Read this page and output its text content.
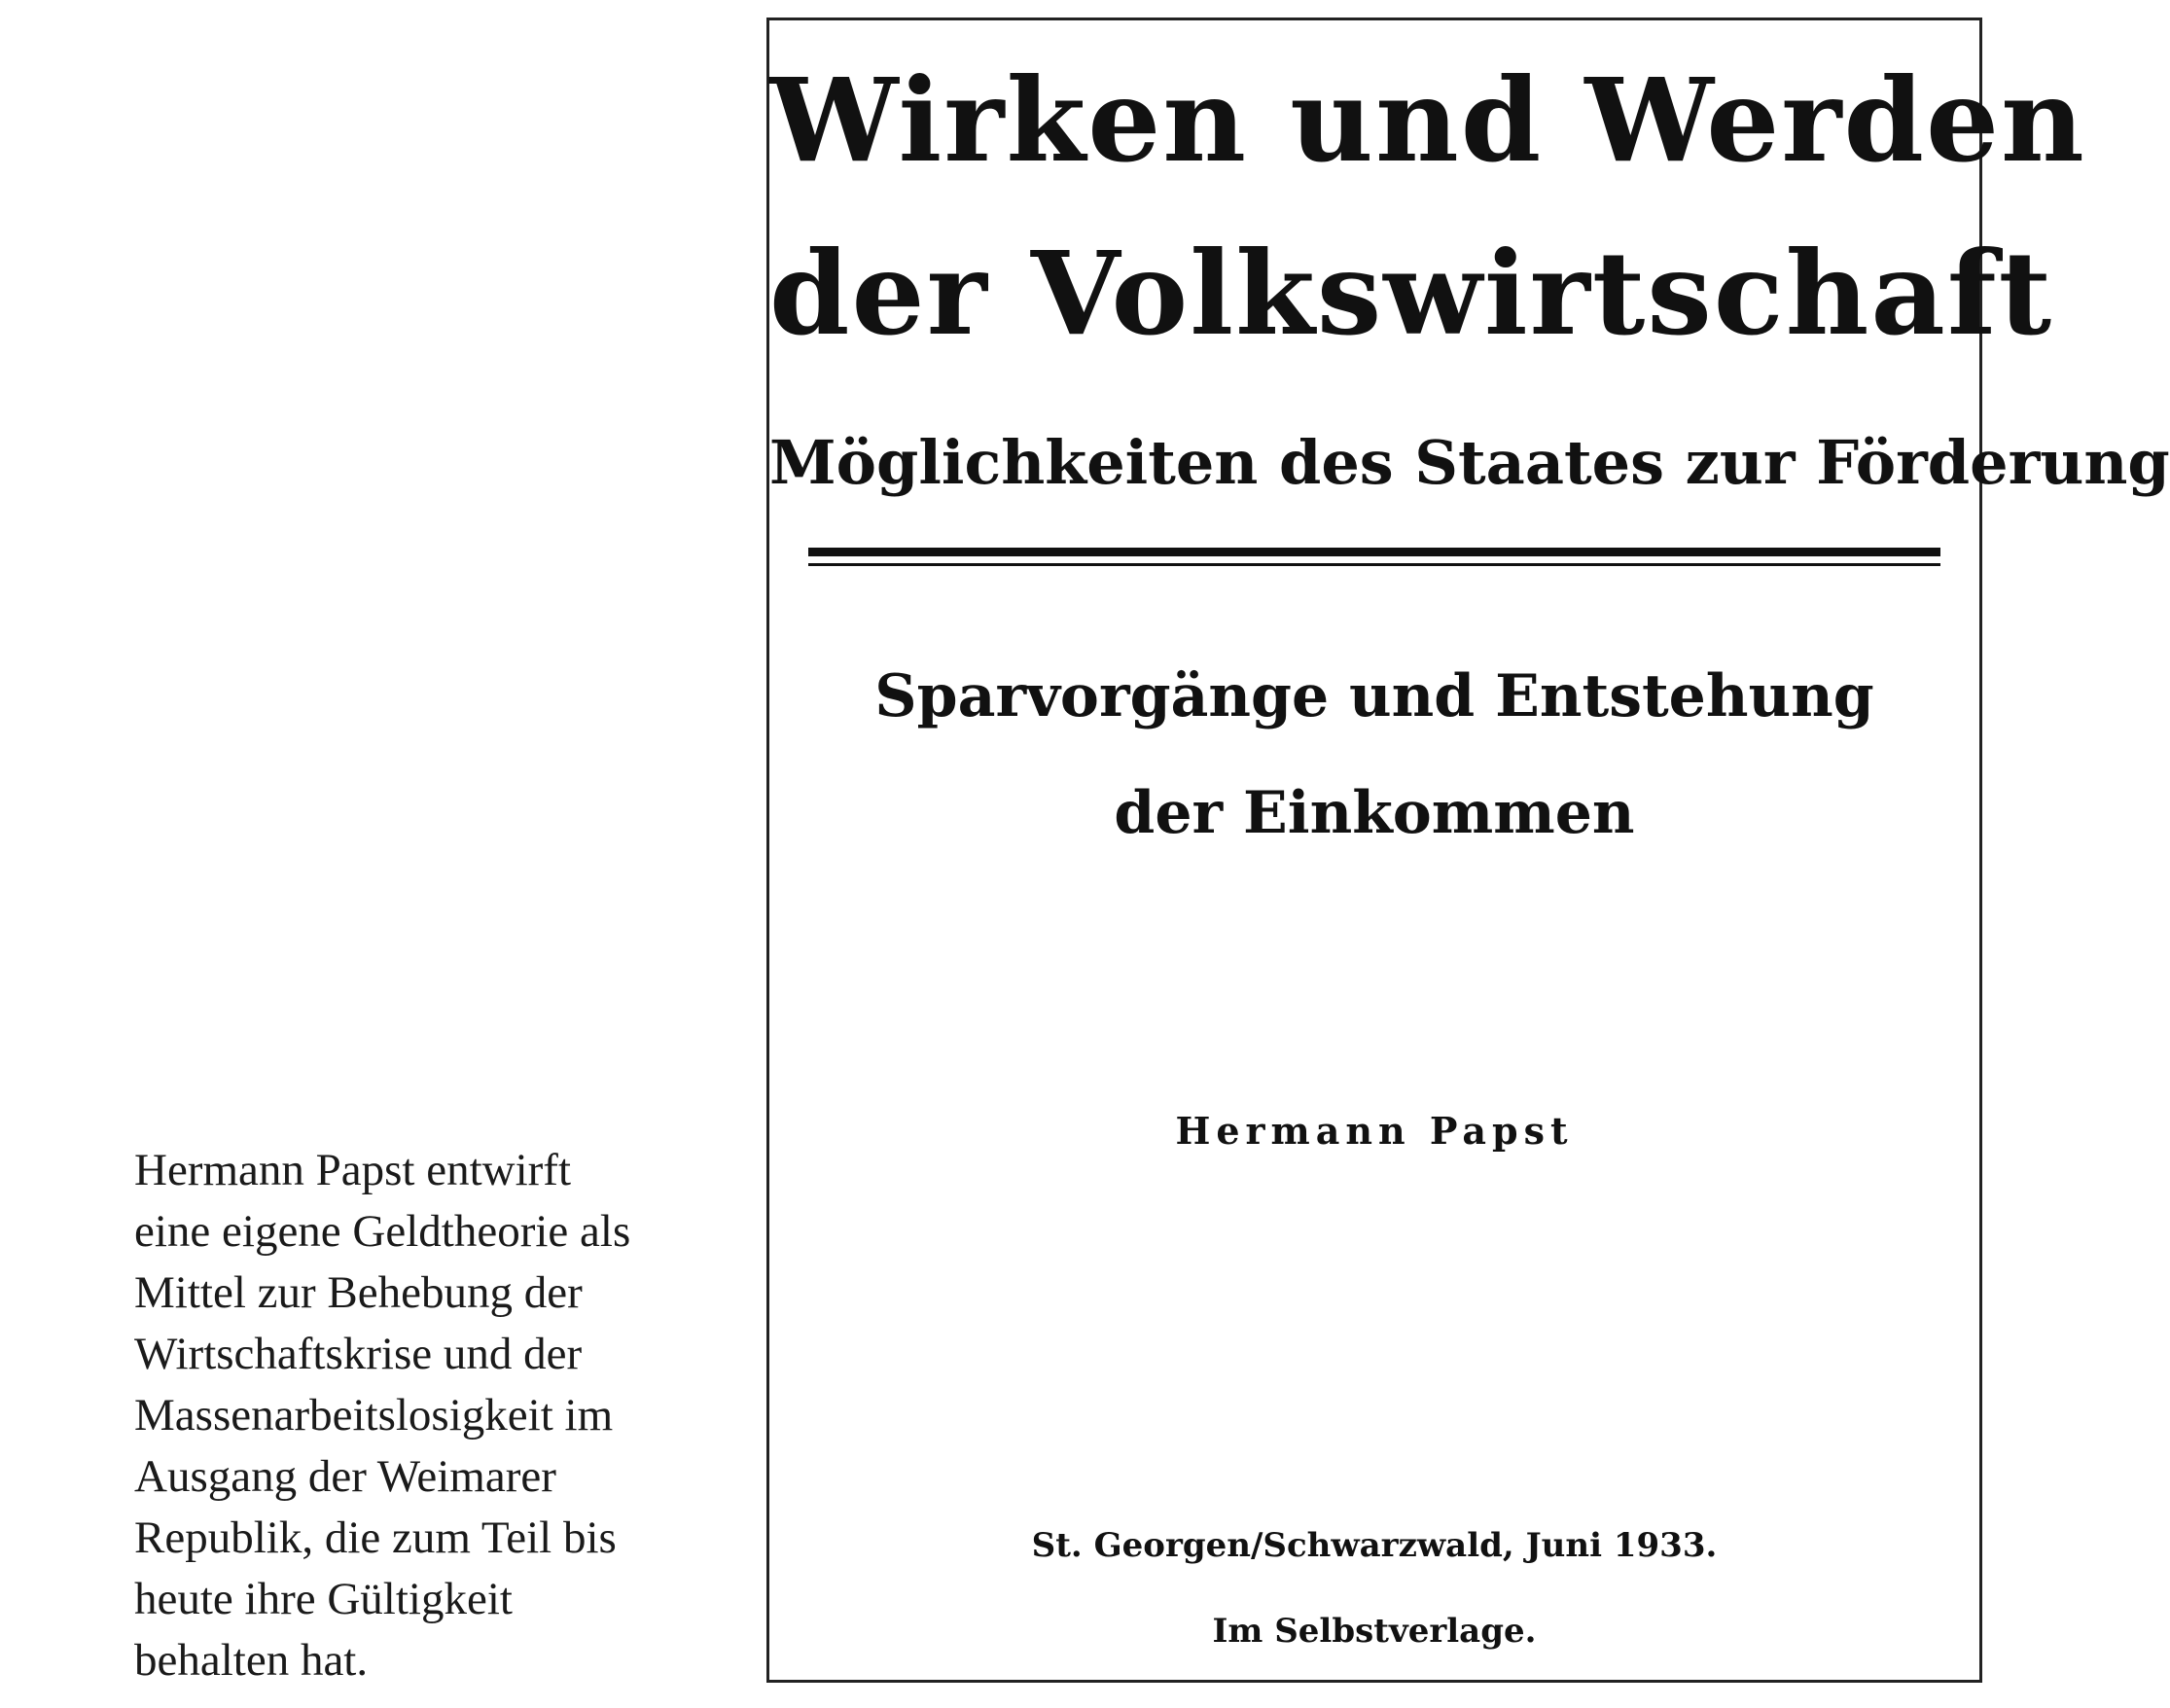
Hermann Papst entwirft
eine eigene Geldtheorie als
Mittel zur Behebung der
Wirtschaftskrise und der
Massenarbeitslosigkeit im
Ausgang der Weimarer
Republik, die zum Teil bis
heute ihre Gültigkeit
behalten hat.

Wirken und Werden
der Volkswirtschaft
Möglichkeiten des Staates zur Förderung
Sparvorgänge und Entstehung
der Einkommen
Hermann Papst
St. Georgen/Schwarzwald, Juni 1933.
Im Selbstverlage.
